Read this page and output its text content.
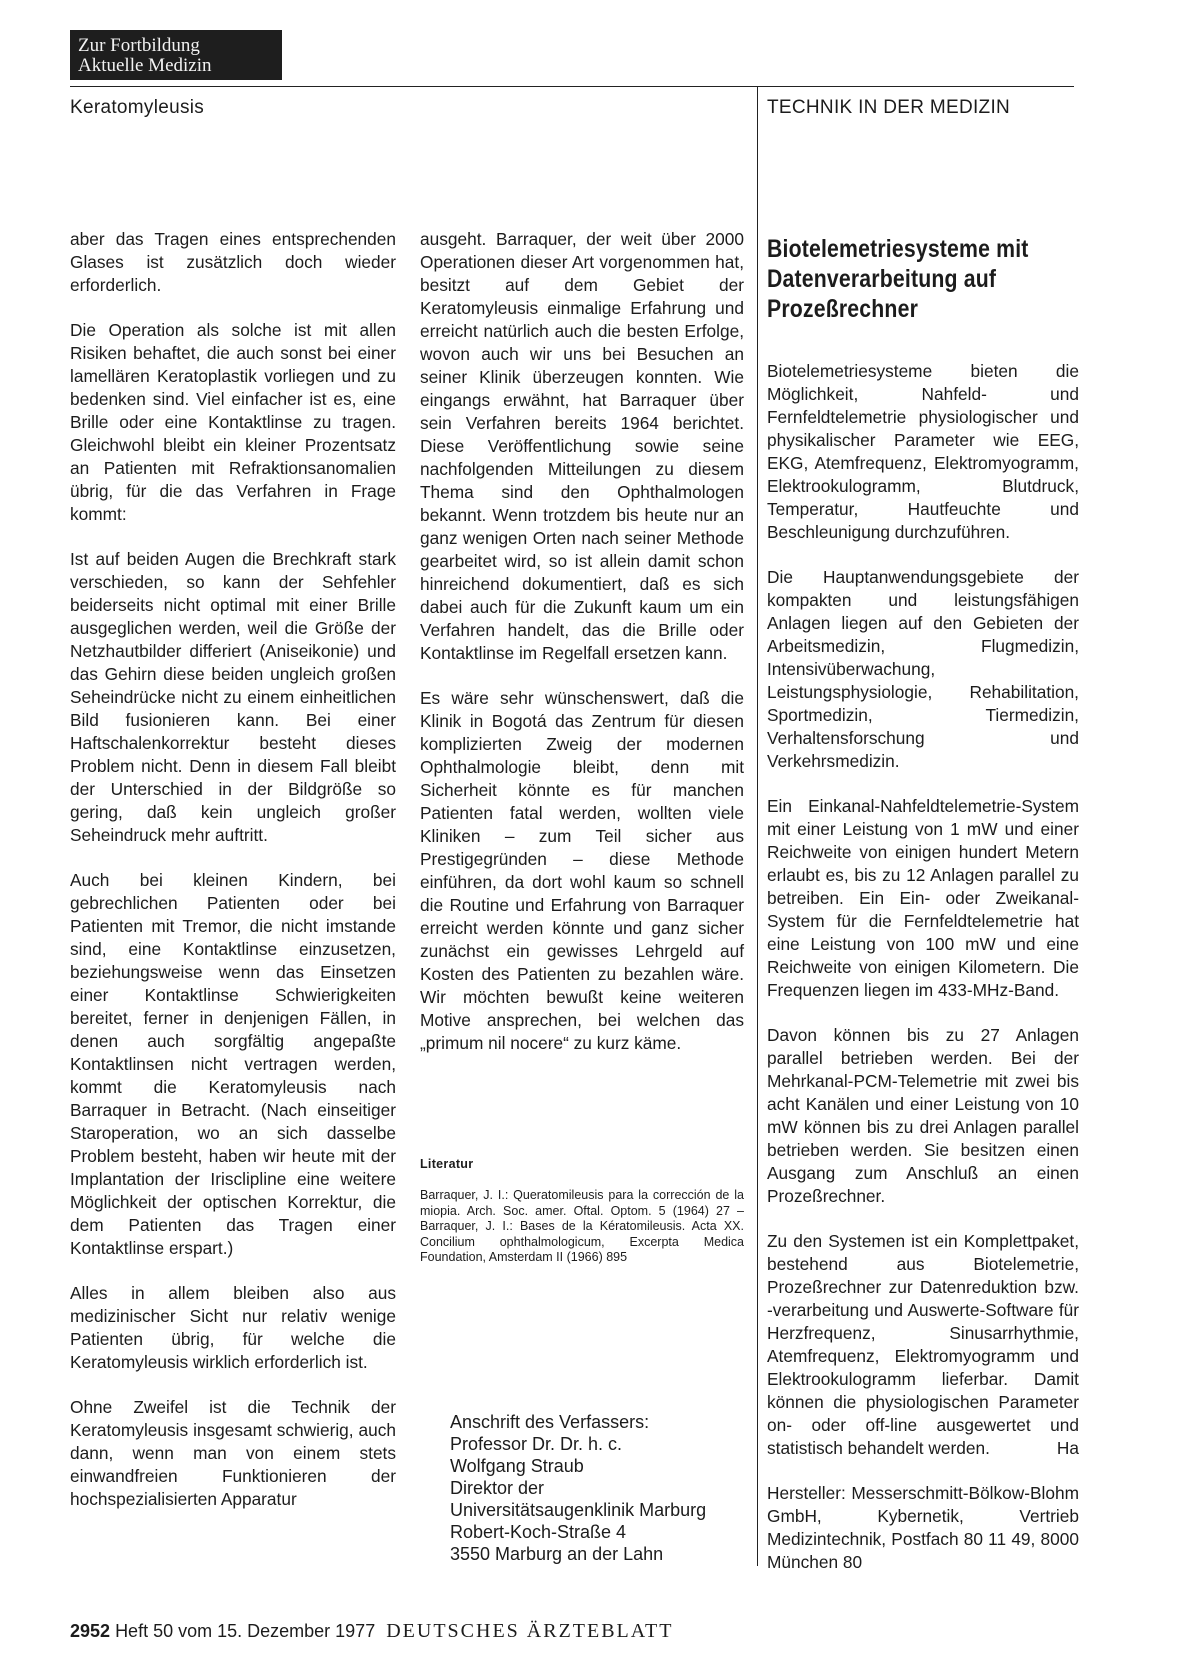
Zur Fortbildung
Aktuelle Medizin
Keratomyleusis	TECHNIK IN DER MEDIZIN

aber das Tragen eines entsprechenden Glases ist zusätzlich doch wieder erforderlich.

Die Operation als solche ist mit allen Risiken behaftet, die auch sonst bei einer lamellären Keratoplastik vorliegen und zu bedenken sind. Viel einfacher ist es, eine Brille oder eine Kontaktlinse zu tragen. Gleichwohl bleibt ein kleiner Prozentsatz an Patienten mit Refraktionsanomalien übrig, für die das Verfahren in Frage kommt:

Ist auf beiden Augen die Brechkraft stark verschieden, so kann der Sehfehler beiderseits nicht optimal mit einer Brille ausgeglichen werden, weil die Größe der Netzhautbilder differiert (Aniseikonie) und das Gehirn diese beiden ungleich großen Seheindrücke nicht zu einem einheitlichen Bild fusionieren kann. Bei einer Haftschalenkorrektur besteht dieses Problem nicht. Denn in diesem Fall bleibt der Unterschied in der Bildgröße so gering, daß kein ungleich großer Seheindruck mehr auftritt.

Auch bei kleinen Kindern, bei gebrechlichen Patienten oder bei Patienten mit Tremor, die nicht imstande sind, eine Kontaktlinse einzusetzen, beziehungsweise wenn das Einsetzen einer Kontaktlinse Schwierigkeiten bereitet, ferner in denjenigen Fällen, in denen auch sorgfältig angepaßte Kontaktlinsen nicht vertragen werden, kommt die Keratomyleusis nach Barraquer in Betracht. (Nach einseitiger Staroperation, wo an sich dasselbe Problem besteht, haben wir heute mit der Implantation der Irisclipline eine weitere Möglichkeit der optischen Korrektur, die dem Patienten das Tragen einer Kontaktlinse erspart.)

Alles in allem bleiben also aus medizinischer Sicht nur relativ wenige Patienten übrig, für welche die Keratomyleusis wirklich erforderlich ist.

Ohne Zweifel ist die Technik der Keratomyleusis insgesamt schwierig, auch dann, wenn man von einem stets einwandfreien Funktionieren der hochspezialisierten Apparatur

ausgeht. Barraquer, der weit über 2000 Operationen dieser Art vorgenommen hat, besitzt auf dem Gebiet der Keratomyleusis einmalige Erfahrung und erreicht natürlich auch die besten Erfolge, wovon auch wir uns bei Besuchen an seiner Klinik überzeugen konnten. Wie eingangs erwähnt, hat Barraquer über sein Verfahren bereits 1964 berichtet. Diese Veröffentlichung sowie seine nachfolgenden Mitteilungen zu diesem Thema sind den Ophthalmologen bekannt. Wenn trotzdem bis heute nur an ganz wenigen Orten nach seiner Methode gearbeitet wird, so ist allein damit schon hinreichend dokumentiert, daß es sich dabei auch für die Zukunft kaum um ein Verfahren handelt, das die Brille oder Kontaktlinse im Regelfall ersetzen kann.

Es wäre sehr wünschenswert, daß die Klinik in Bogotá das Zentrum für diesen komplizierten Zweig der modernen Ophthalmologie bleibt, denn mit Sicherheit könnte es für manchen Patienten fatal werden, wollten viele Kliniken – zum Teil sicher aus Prestigegründen – diese Methode einführen, da dort wohl kaum so schnell die Routine und Erfahrung von Barraquer erreicht werden könnte und ganz sicher zunächst ein gewisses Lehrgeld auf Kosten des Patienten zu bezahlen wäre. Wir möchten bewußt keine weiteren Motive ansprechen, bei welchen das „primum nil nocere“ zu kurz käme.

Literatur
Barraquer, J. I.: Queratomileusis para la corrección de la miopia. Arch. Soc. amer. Oftal. Optom. 5 (1964) 27 – Barraquer, J. I.: Bases de la Kératomileusis. Acta XX. Concilium ophthalmologicum, Excerpta Medica Foundation, Amsterdam II (1966) 895
Anschrift des Verfassers:
Professor Dr. Dr. h. c.
Wolfgang Straub
Direktor der
Universitätsaugenklinik Marburg
Robert-Koch-Straße 4
3550 Marburg an der Lahn
Biotelemetriesysteme mit Datenverarbeitung auf Prozeßrechner

Biotelemetriesysteme bieten die Möglichkeit, Nahfeld- und Fernfeldtelemetrie physiologischer und physikalischer Parameter wie EEG, EKG, Atemfrequenz, Elektromyogramm, Elektrookulogramm, Blutdruck, Temperatur, Hautfeuchte und Beschleunigung durchzuführen.

Die Hauptanwendungsgebiete der kompakten und leistungsfähigen Anlagen liegen auf den Gebieten der Arbeitsmedizin, Flugmedizin, Intensivüberwachung, Leistungsphysiologie, Rehabilitation, Sportmedizin, Tiermedizin, Verhaltensforschung und Verkehrsmedizin.

Ein Einkanal-Nahfeldtelemetrie-System mit einer Leistung von 1 mW und einer Reichweite von einigen hundert Metern erlaubt es, bis zu 12 Anlagen parallel zu betreiben. Ein Ein- oder Zweikanal-System für die Fernfeldtelemetrie hat eine Leistung von 100 mW und eine Reichweite von einigen Kilometern. Die Frequenzen liegen im 433-MHz-Band.

Davon können bis zu 27 Anlagen parallel betrieben werden. Bei der Mehrkanal-PCM-Telemetrie mit zwei bis acht Kanälen und einer Leistung von 10 mW können bis zu drei Anlagen parallel betrieben werden. Sie besitzen einen Ausgang zum Anschluß an einen Prozeßrechner.

Zu den Systemen ist ein Komplettpaket, bestehend aus Biotelemetrie, Prozeßrechner zur Datenreduktion bzw. -verarbeitung und Auswerte-Software für Herzfrequenz, Sinusarrhythmie, Atemfrequenz, Elektromyogramm und Elektrookulogramm lieferbar. Damit können die physiologischen Parameter on- oder off-line ausgewertet und statistisch behandelt werden.	Ha

Hersteller: Messerschmitt-Bölkow-Blohm GmbH, Kybernetik, Vertrieb Medizintechnik, Postfach 80 11 49, 8000 München 80

2952 Heft 50 vom 15. Dezember 1977 DEUTSCHES ÄRZTEBLATT
